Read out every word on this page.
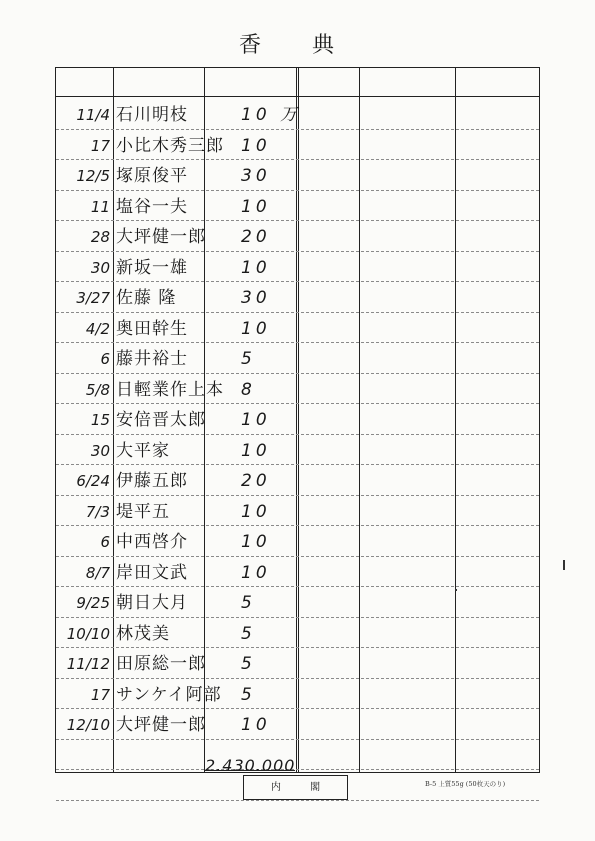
香 典
11/4 石川明枝	10 万
17 小比木秀三郎 10
12/5 塚原俊平	30
11 塩谷一夫	10
28 大坪健一郎 20
30 新坂一雄	10
3/27 佐藤 隆	30
4/2 奥田幹生	10
6 藤井裕士	5
5/8 日輕業作上本 8
15 安倍晋太郎 10
30 大平家	10
6/24 伊藤五郎	20
7/3 堤平五	10
6 中西啓介	10
8/7 岸田文武	10
9/25 朝日大月	5
10/10 林茂美	5
11/12 田原総一郎 5
17 サンケイ阿部 5
12/10 大坪健一郎 10
2.430.000
内 閣	B-5 上質55g (50枚天のり)
